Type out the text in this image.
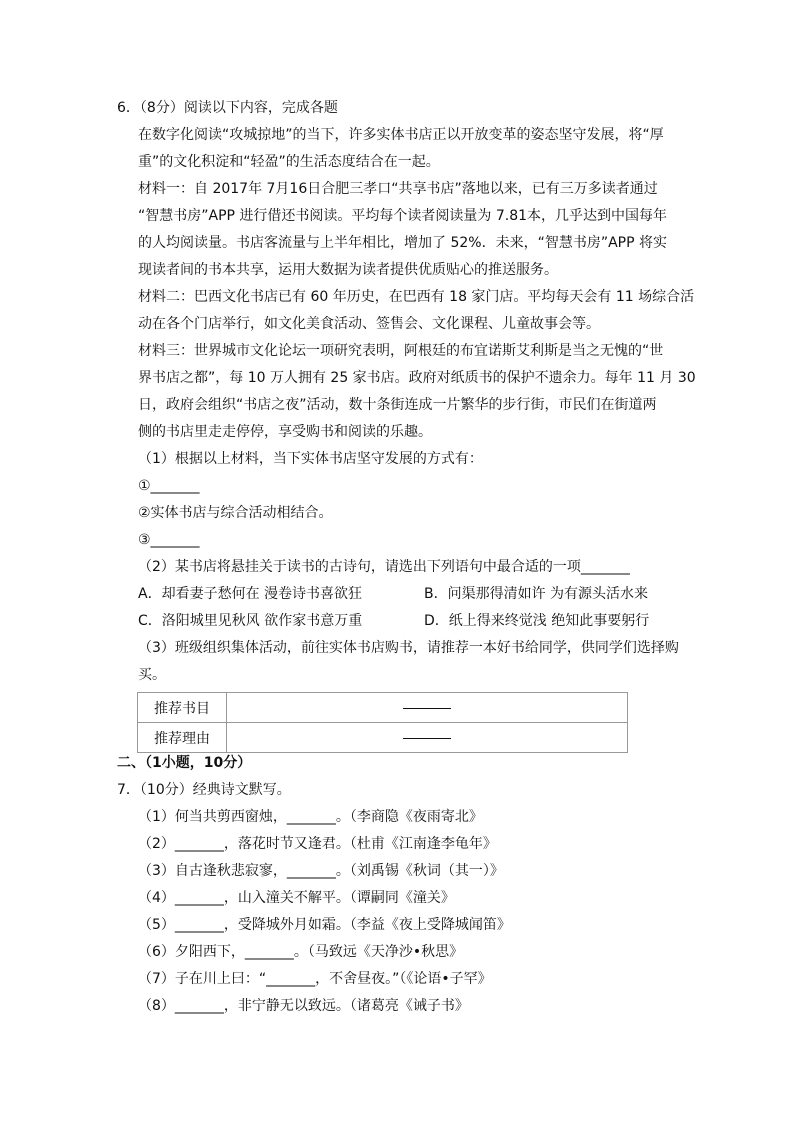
6．（8分）阅读以下内容，完成各题
在数字化阅读“攻城掠地”的当下，许多实体书店正以开放变革的姿态坚守发展，将“厚
重”的文化积淀和“轻盈”的生活态度结合在一起。
材料一：自 2017年 7月16日合肥三孝口“共享书店”落地以来，已有三万多读者通过
“智慧书房”APP 进行借还书阅读。平均每个读者阅读量为 7.81本，几乎达到中国每年
的人均阅读量。书店客流量与上半年相比，增加了 52%．未来，“智慧书房”APP 将实
现读者间的书本共享，运用大数据为读者提供优质贴心的推送服务。
材料二：巴西文化书店已有 60 年历史，在巴西有 18 家门店。平均每天会有 11 场综合活
动在各个门店举行，如文化美食活动、签售会、文化课程、儿童故事会等。
材料三：世界城市文化论坛一项研究表明，阿根廷的布宜诺斯艾利斯是当之无愧的“世
界书店之都”，每 10 万人拥有 25 家书店。政府对纸质书的保护不遗余力。每年 11 月 30
日，政府会组织“书店之夜”活动，数十条街连成一片繁华的步行街，市民们在街道两
侧的书店里走走停停，享受购书和阅读的乐趣。
（1）根据以上材料，当下实体书店坚守发展的方式有：
①_______
②实体书店与综合活动相结合。
③_______
（2）某书店将悬挂关于读书的古诗句，请选出下列语句中最合适的一项_______
A．却看妻子愁何在 漫卷诗书喜欲狂	B．问渠那得清如许 为有源头活水来
C．洛阳城里见秋风 欲作家书意万重	D．纸上得来终觉浅 绝知此事要躬行
（3）班级组织集体活动，前往实体书店购书，请推荐一本好书给同学，供同学们选择购
买。
推荐书目	
推荐理由	
二、（1小题，10分）
7．（10分）经典诗文默写。
（1）何当共剪西窗烛，_______。（李商隐《夜雨寄北》
（2）_______，落花时节又逢君。（杜甫《江南逢李龟年》
（3）自古逢秋悲寂寥，_______。（刘禹锡《秋词（其一）》
（4）_______，山入潼关不解平。（谭嗣同《潼关》
（5）_______，受降城外月如霜。（李益《夜上受降城闻笛》
（6）夕阳西下，_______。（马致远《天净沙•秋思》
（7）子在川上曰：“_______，不舍昼夜。”（《论语•子罕》
（8）_______，非宁静无以致远。（诸葛亮《诫子书》
